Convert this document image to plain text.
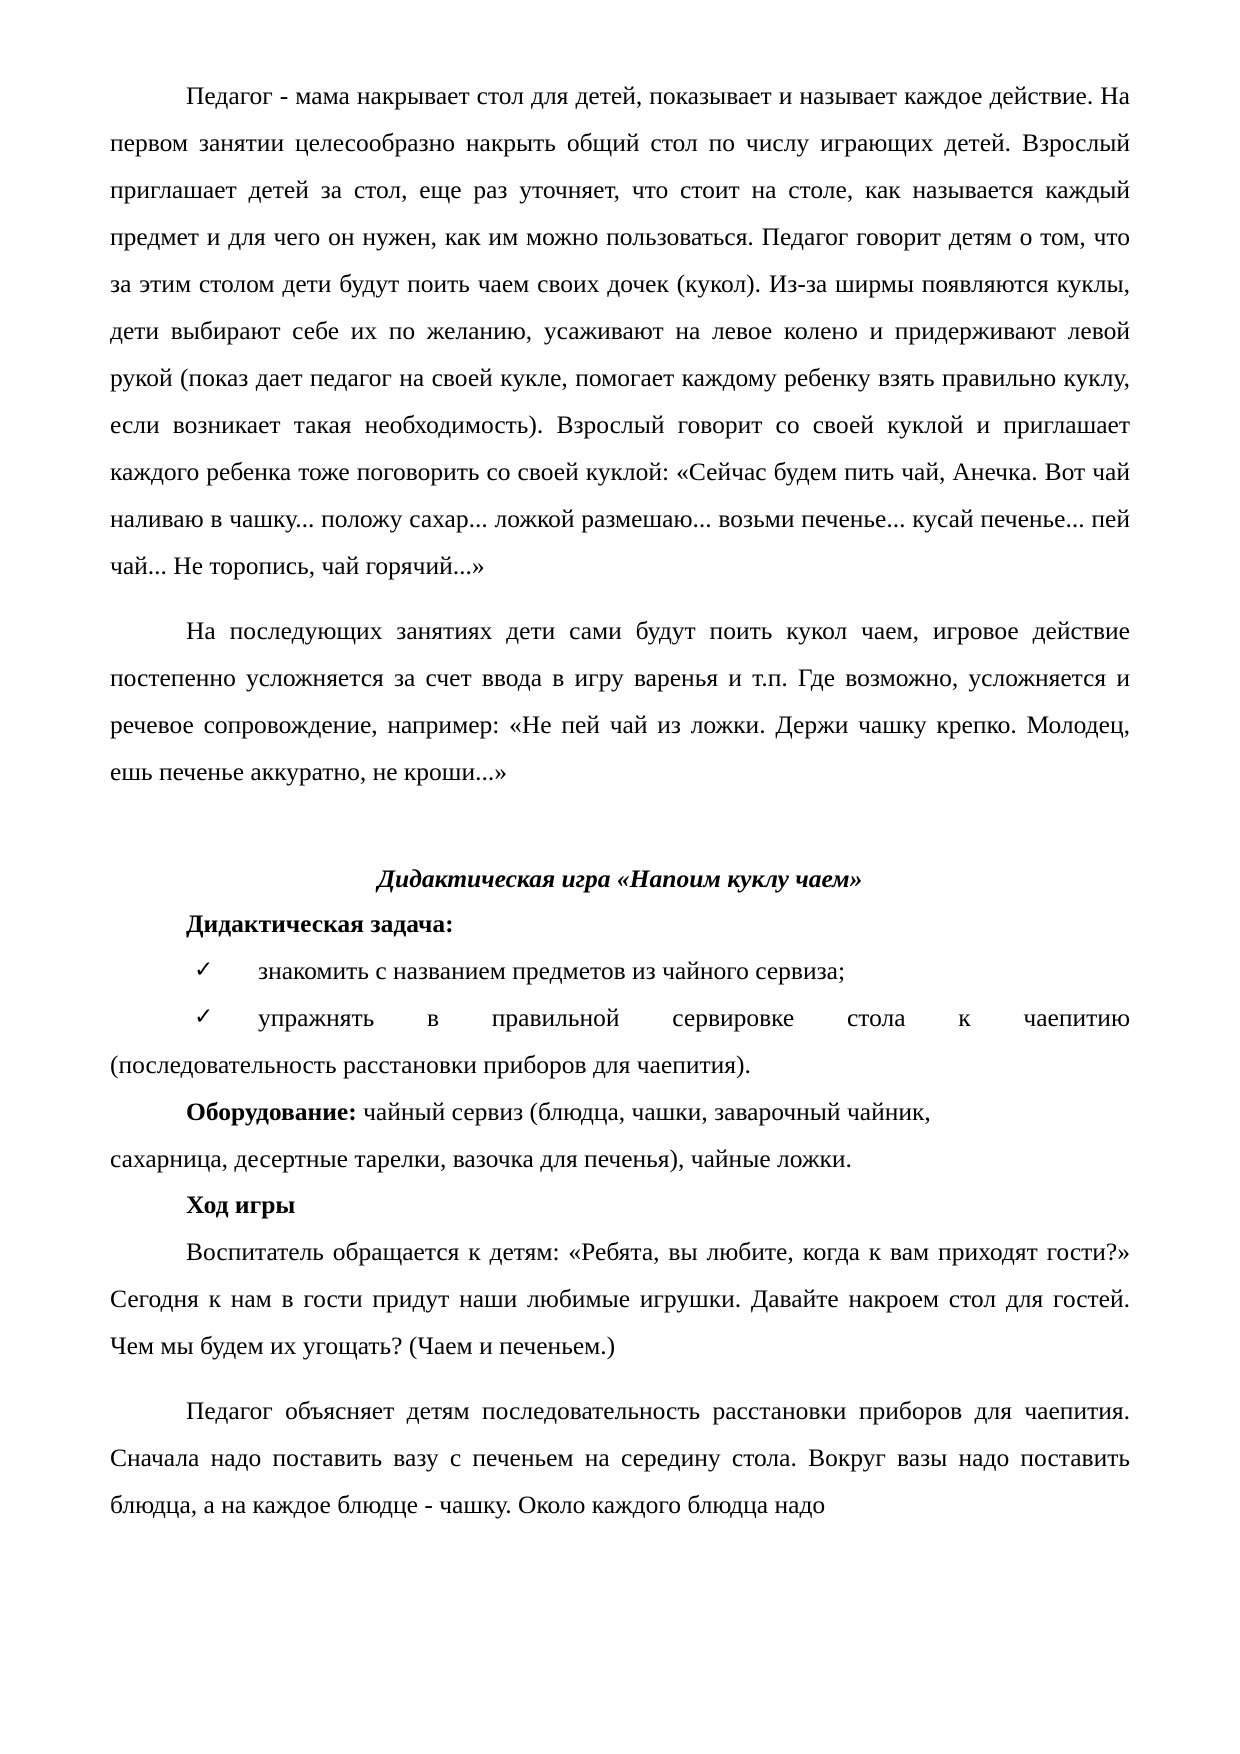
Педагог - мама накрывает стол для детей, показывает и называет каждое действие. На первом занятии целесообразно накрыть общий стол по числу играющих детей. Взрослый приглашает детей за стол, еще раз уточняет, что стоит на столе, как называется каждый предмет и для чего он нужен, как им можно пользоваться. Педагог говорит детям о том, что за этим столом дети будут поить чаем своих дочек (кукол). Из-за ширмы появляются куклы, дети выбирают себе их по желанию, усаживают на левое колено и придерживают левой рукой (показ дает педагог на своей кукле, помогает каждому ребенку взять правильно куклу, если возникает такая необходимость). Взрослый говорит со своей куклой и приглашает каждого ребенка тоже поговорить со своей куклой: «Сейчас будем пить чай, Анечка. Вот чай наливаю в чашку... положу сахар... ложкой размешаю... возьми печенье... кусай печенье... пей чай... Не торопись, чай горячий...»

На последующих занятиях дети сами будут поить кукол чаем, игровое действие постепенно усложняется за счет ввода в игру варенья и т.п. Где возможно, усложняется и речевое сопровождение, например: «Не пей чай из ложки. Держи чашку крепко. Молодец, ешь печенье аккуратно, не кроши...»

Дидактическая игра «Напоим куклу чаем»

Дидактическая задача:

✓ знакомить с названием предметов из чайного сервиза;
✓ упражнять в правильной сервировке стола к чаепитию

(последовательность расстановки приборов для чаепития).

Оборудование: чайный сервиз (блюдца, чашки, заварочный чайник,

сахарница, десертные тарелки, вазочка для печенья), чайные ложки.

Ход игры

Воспитатель обращается к детям: «Ребята, вы любите, когда к вам приходят гости?» Сегодня к нам в гости придут наши любимые игрушки. Давайте накроем стол для гостей. Чем мы будем их угощать? (Чаем и печеньем.)

Педагог объясняет детям последовательность расстановки приборов для чаепития. Сначала надо поставить вазу с печеньем на середину стола. Вокруг вазы надо поставить блюдца, а на каждое блюдце - чашку. Около каждого блюдца надо
